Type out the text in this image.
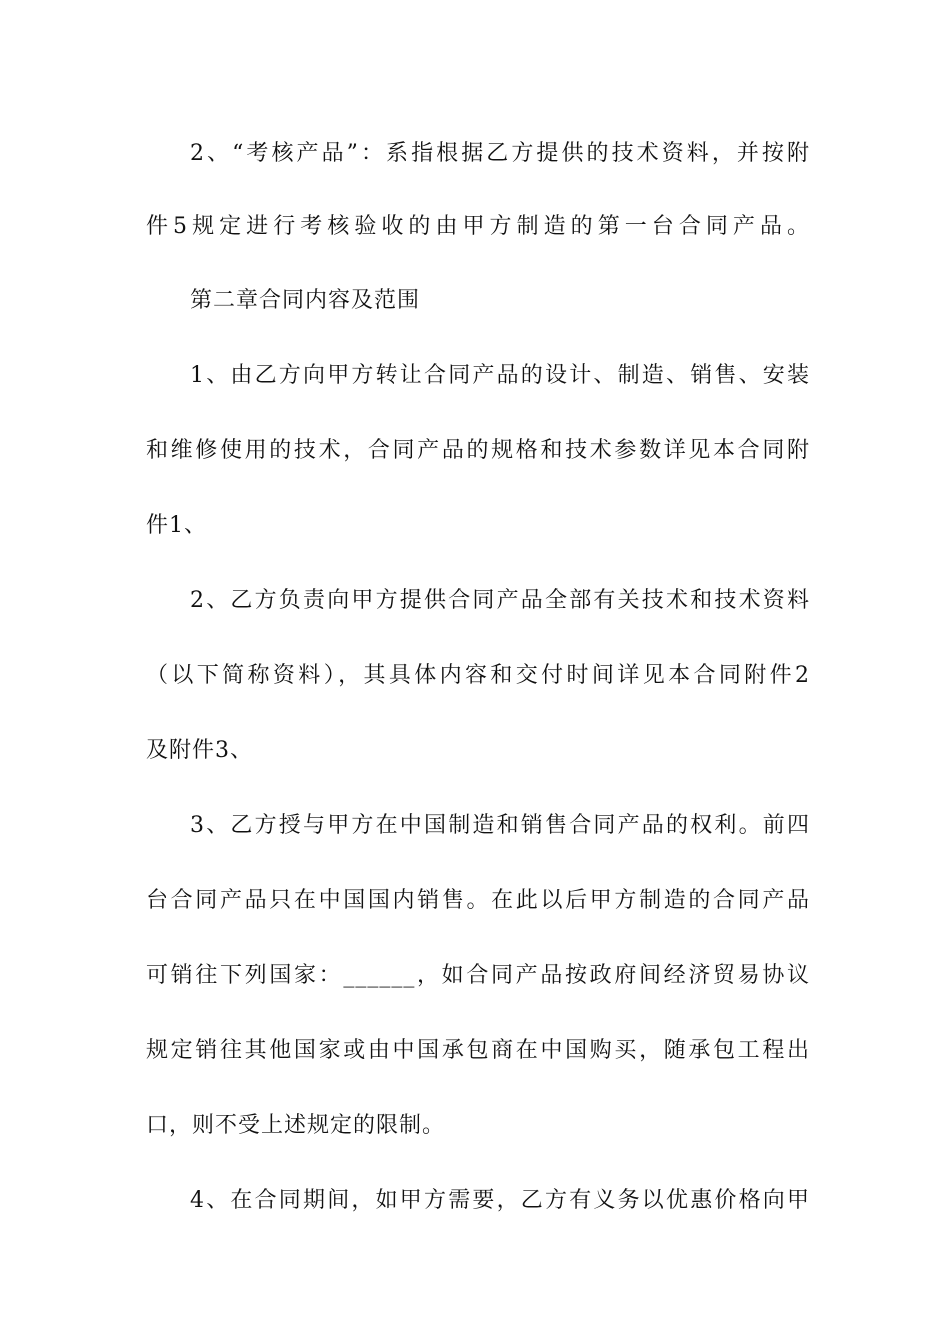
2、“考核产品”：系指根据乙方提供的技术资料，并按附
件5规定进行考核验收的由甲方制造的第一台合同产品。
第二章合同内容及范围
1、由乙方向甲方转让合同产品的设计、制造、销售、安装
和维修使用的技术，合同产品的规格和技术参数详见本合同附
件1、
2、乙方负责向甲方提供合同产品全部有关技术和技术资料
（以下简称资料），其具体内容和交付时间详见本合同附件2
及附件3、
3、乙方授与甲方在中国制造和销售合同产品的权利。前四
台合同产品只在中国国内销售。在此以后甲方制造的合同产品
可销往下列国家：______，如合同产品按政府间经济贸易协议
规定销往其他国家或由中国承包商在中国购买，随承包工程出
口，则不受上述规定的限制。
4、在合同期间，如甲方需要，乙方有义务以优惠价格向甲
